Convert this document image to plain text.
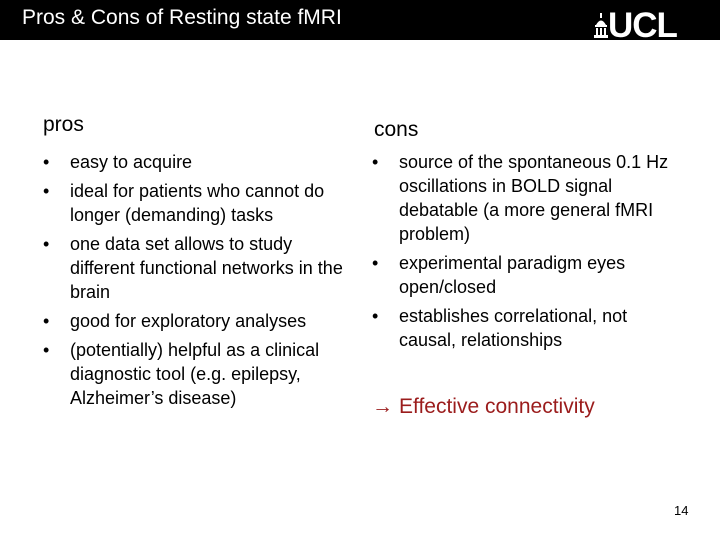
Pros & Cons of Resting state fMRI	UCL
pros
• easy to acquire
• ideal for patients who cannot do longer (demanding) tasks
• one data set allows to study different functional networks in the brain
• good for exploratory analyses
• (potentially) helpful as a clinical diagnostic tool (e.g. epilepsy, Alzheimer’s disease)
cons
• source of the spontaneous 0.1 Hz oscillations in BOLD signal debatable (a more general fMRI problem)
• experimental paradigm eyes open/closed
• establishes correlational, not causal, relationships
→ Effective connectivity
14
